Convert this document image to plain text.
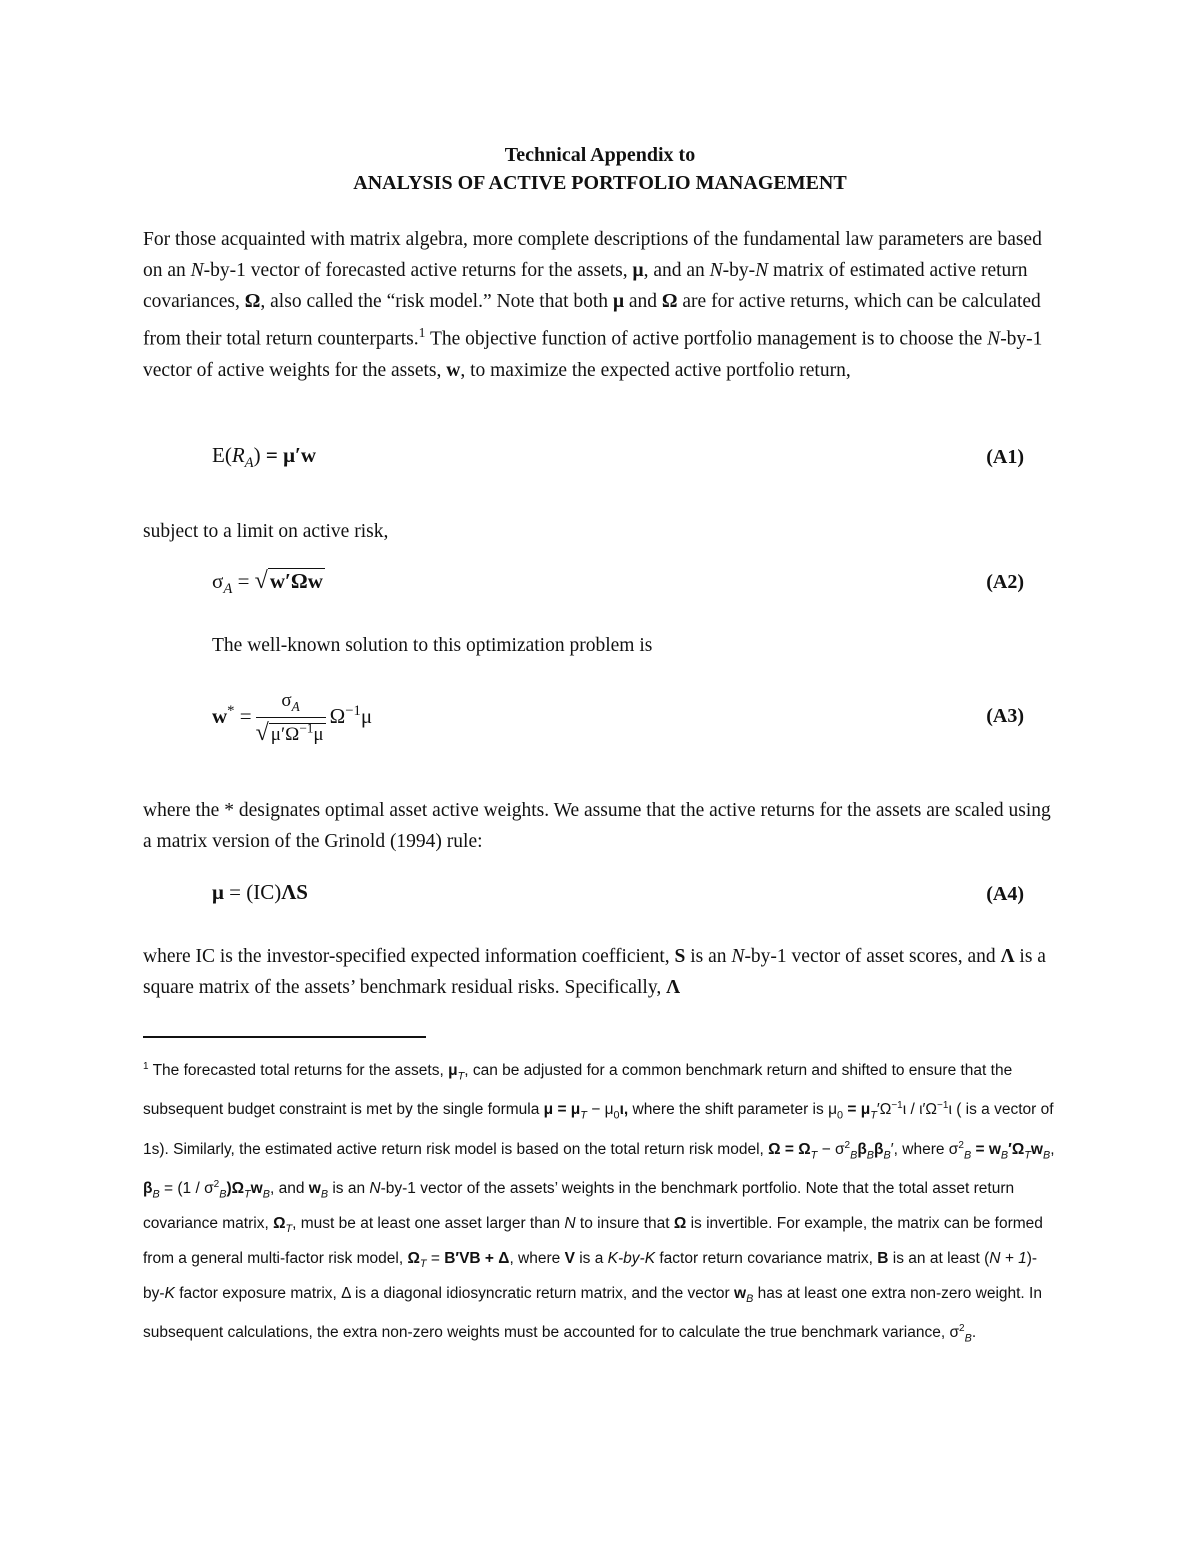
Technical Appendix to
ANALYSIS OF ACTIVE PORTFOLIO MANAGEMENT

For those acquainted with matrix algebra, more complete descriptions of the fundamental law parameters are based on an N-by-1 vector of forecasted active returns for the assets, μ, and an N-by-N matrix of estimated active return covariances, Ω, also called the “risk model.” Note that both μ and Ω are for active returns, which can be calculated from their total return counterparts.$^1$ The objective function of active portfolio management is to choose the N-by-1 vector of active weights for the assets, w, to maximize the expected active portfolio return,

$E(R_A) = \mu'w$	(A1)

subject to a limit on active risk,

$\sigma_A = √w'\Omega w$	(A2)

The well-known solution to this optimization problem is

$w^* = \frac{\sigma_A}{√ \mu'\Omega^{-1}\mu} \Omega^{-1}\mu$	(A3)

where the * designates optimal asset active weights. We assume that the active returns for the assets are scaled using a matrix version of the Grinold (1994) rule:

μ = (IC)ΛS	(A4)

where IC is the investor-specified expected information coefficient, S is an N-by-1 vector of asset scores, and Λ is a square matrix of the assets’ benchmark residual risks. Specifically, Λ

$^1$ The forecasted total returns for the assets, $\mu_T$, can be adjusted for a common benchmark return and shifted to ensure that the subsequent budget constraint is met by the single formula $\mu = \mu_T - \mu_0\iota$, where the shift parameter is $\mu_0 = \mu_T'\Omega^{-1}\iota / \iota'\Omega^{-1}\iota$ ( is a vector of 1s). Similarly, the estimated active return risk model is based on the total return risk model, $\Omega = \Omega_T - \sigma^2_B\beta_B\beta_B'$, where $\sigma^2_B = w_B'\Omega_Tw_B$, $\beta_B = (1 / \sigma^2_B)\Omega_Tw_B$, and $w_B$ is an N-by-1 vector of the assets’ weights in the benchmark portfolio. Note that the total asset return covariance matrix, $\Omega_T$, must be at least one asset larger than N to insure that Ω is invertible. For example, the matrix can be formed from a general multi-factor risk model, $\Omega_T = B'VB + \Delta$, where V is a K-by-K factor return covariance matrix, B is an at least (N + 1)-by-K factor exposure matrix, Δ is a diagonal idiosyncratic return matrix, and the vector $w_B$ has at least one extra non-zero weight. In subsequent calculations, the extra non-zero weights must be accounted for to calculate the true benchmark variance, $\sigma^2_B$.
